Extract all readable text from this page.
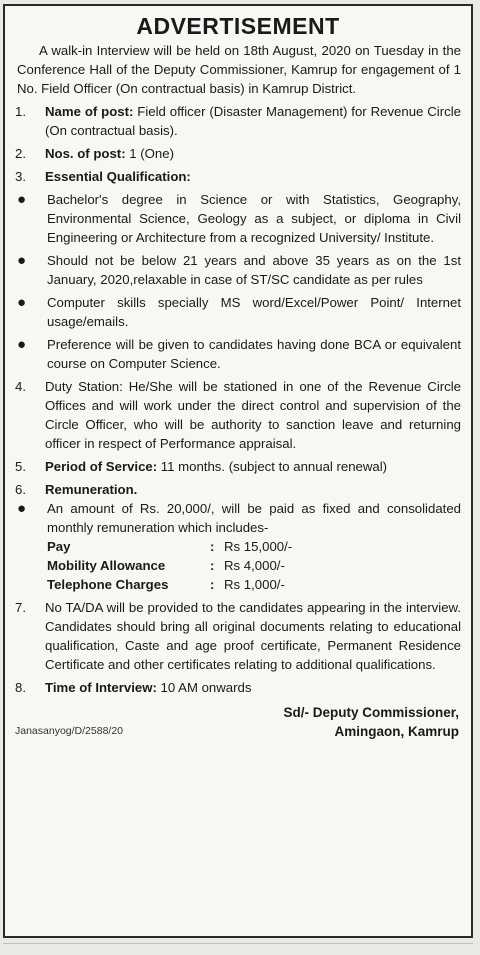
ADVERTISEMENT
A walk-in Interview will be held on 18th August, 2020 on Tuesday in the Conference Hall of the Deputy Commissioner, Kamrup for engagement of 1 No. Field Officer (On contractual basis) in Kamrup District.
1.	Name of post: Field officer (Disaster Management) for Revenue Circle (On contractual basis).
2.	Nos. of post: 1 (One)
3.	Essential Qualification:
●	Bachelor's degree in Science or with Statistics, Geography, Environmental Science, Geology as a subject, or diploma in Civil Engineering or Architecture from a recognized University/ Institute.
●	Should not be below 21 years and above 35 years as on the 1st January, 2020,relaxable in case of ST/SC candidate as per rules
●	Computer skills specially MS word/Excel/Power Point/ Internet usage/emails.
●	Preference will be given to candidates having done BCA or equivalent course on Computer Science.
4.	Duty Station: He/She will be stationed in one of the Revenue Circle Offices and will work under the direct control and supervision of the Circle Officer, who will be authority to sanction leave and returning officer in respect of Performance appraisal.
5.	Period of Service: 11 months. (subject to annual renewal)
6.	Remuneration.
●	An amount of Rs. 20,000/, will be paid as fixed and consolidated monthly remuneration which includes-
Pay	: Rs 15,000/-
Mobility Allowance	: Rs 4,000/-
Telephone Charges	: Rs 1,000/-
7.	No TA/DA will be provided to the candidates appearing in the interview. Candidates should bring all original documents relating to educational qualification, Caste and age proof certificate, Permanent Residence Certificate and other certificates relating to additional qualifications.
8.	Time of Interview: 10 AM onwards
Sd/- Deputy Commissioner,
Amingaon, Kamrup
Janasanyog/D/2588/20
